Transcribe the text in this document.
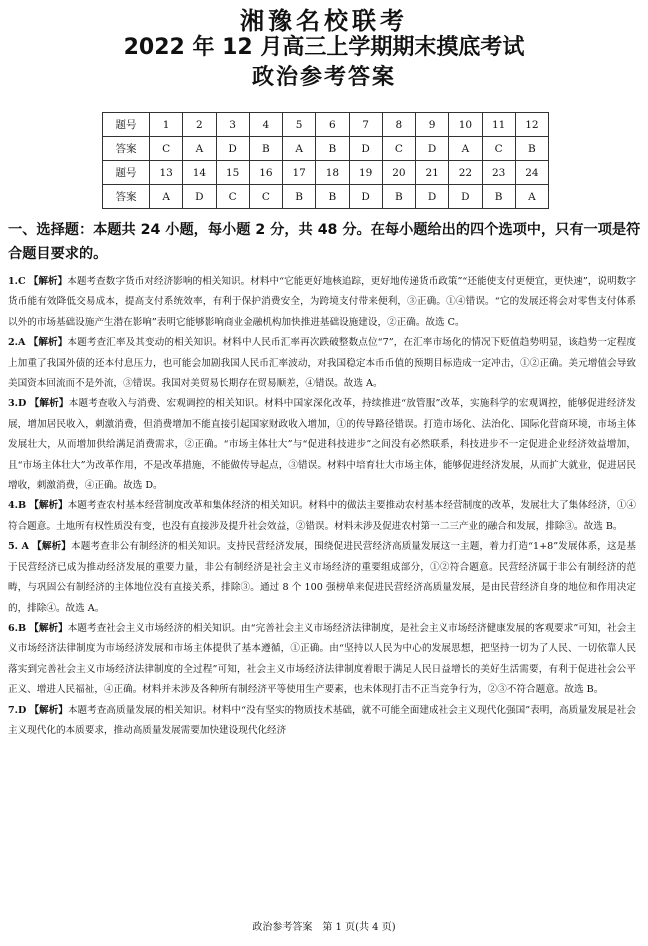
湘豫名校联考
2022 年 12 月高三上学期期末摸底考试
政治参考答案
题号	1	2	3	4	5	6	7	8	9	10	11	12
答案	C	A	D	B	A	B	D	C	D	A	C	B
题号	13	14	15	16	17	18	19	20	21	22	23	24
答案	A	D	C	C	B	B	D	B	D	D	B	A
一、选择题：本题共 24 小题，每小题 2 分，共 48 分。在每小题给出的四个选项中，只有一项是符合题目要求的。
1.C 【解析】本题考查数字货币对经济影响的相关知识。材料中“它能更好地核追踪，更好地传递货币政策”“还能使支付更便宜，更快速”，说明数字货币能有效降低交易成本，提高支付系统效率，有利于保护消费安全，为跨境支付带来便利，③正确。①④错误。“它的发展还将会对零售支付体系以外的市场基础设施产生潜在影响”表明它能够影响商业金融机构加快推进基础设施建设，②正确。故选 C。
2.A 【解析】本题考查汇率及其变动的相关知识。材料中人民币汇率再次跌破整数点位“7”，在汇率市场化的情况下贬值趋势明显，该趋势一定程度上加重了我国外债的还本付息压力，也可能会加剧我国人民币汇率波动，对我国稳定本币币值的预期目标造成一定冲击，①②正确。美元增值会导致美国资本回流而不是外流，③错误。我国对美贸易长期存在贸易顺差，④错误。故选 A。
3.D 【解析】本题考查收入与消费、宏观调控的相关知识。材料中国家深化改革，持续推进“放管服”改革，实施科学的宏观调控，能够促进经济发展，增加居民收入，刺激消费，但消费增加不能直接引起国家财政收入增加，①的传导路径错误。打造市场化、法治化、国际化营商环境，市场主体发展壮大，从而增加供给满足消费需求，②正确。“市场主体壮大”与“促进科技进步”之间没有必然联系，科技进步不一定促进企业经济效益增加，且“市场主体壮大”为改革作用，不是改革措施，不能做传导起点，③错误。材料中培育壮大市场主体，能够促进经济发展，从而扩大就业，促进居民增收，刺激消费，④正确。故选 D。
4.B 【解析】本题考查农村基本经营制度改革和集体经济的相关知识。材料中的做法主要推动农村基本经营制度的改革，发展壮大了集体经济，①④符合题意。土地所有权性质没有变，也没有直接涉及提升社会效益，②错误。材料未涉及促进农村第一二三产业的融合和发展，排除③。故选 B。
5. A 【解析】本题考查非公有制经济的相关知识。支持民营经济发展，围绕促进民营经济高质量发展这一主题，着力打造“1+8”发展体系，这是基于民营经济已成为推动经济发展的重要力量，非公有制经济是社会主义市场经济的重要组成部分，①②符合题意。民营经济属于非公有制经济的范畴，与巩固公有制经济的主体地位没有直接关系，排除③。通过 8 个 100 强榜单来促进民营经济高质量发展，是由民营经济自身的地位和作用决定的，排除④。故选 A。
6.B 【解析】本题考查社会主义市场经济的相关知识。由“完善社会主义市场经济法律制度，是社会主义市场经济健康发展的客观要求”可知，社会主义市场经济法律制度为市场经济发展和市场主体提供了基本遵循，①正确。由“坚持以人民为中心的发展思想，把坚持一切为了人民、一切依靠人民落实到完善社会主义市场经济法律制度的全过程”可知，社会主义市场经济法律制度着眼于满足人民日益增长的美好生活需要，有利于促进社会公平正义、增进人民福祉，④正确。材料并未涉及各种所有制经济平等使用生产要素，也未体现打击不正当竞争行为，②③不符合题意。故选 B。
7.D 【解析】本题考查高质量发展的相关知识。材料中“没有坚实的物质技术基础，就不可能全面建成社会主义现代化强国”表明，高质量发展是社会主义现代化的本质要求，推动高质量发展需要加快建设现代化经济
政治参考答案　第 1 页(共 4 页)
